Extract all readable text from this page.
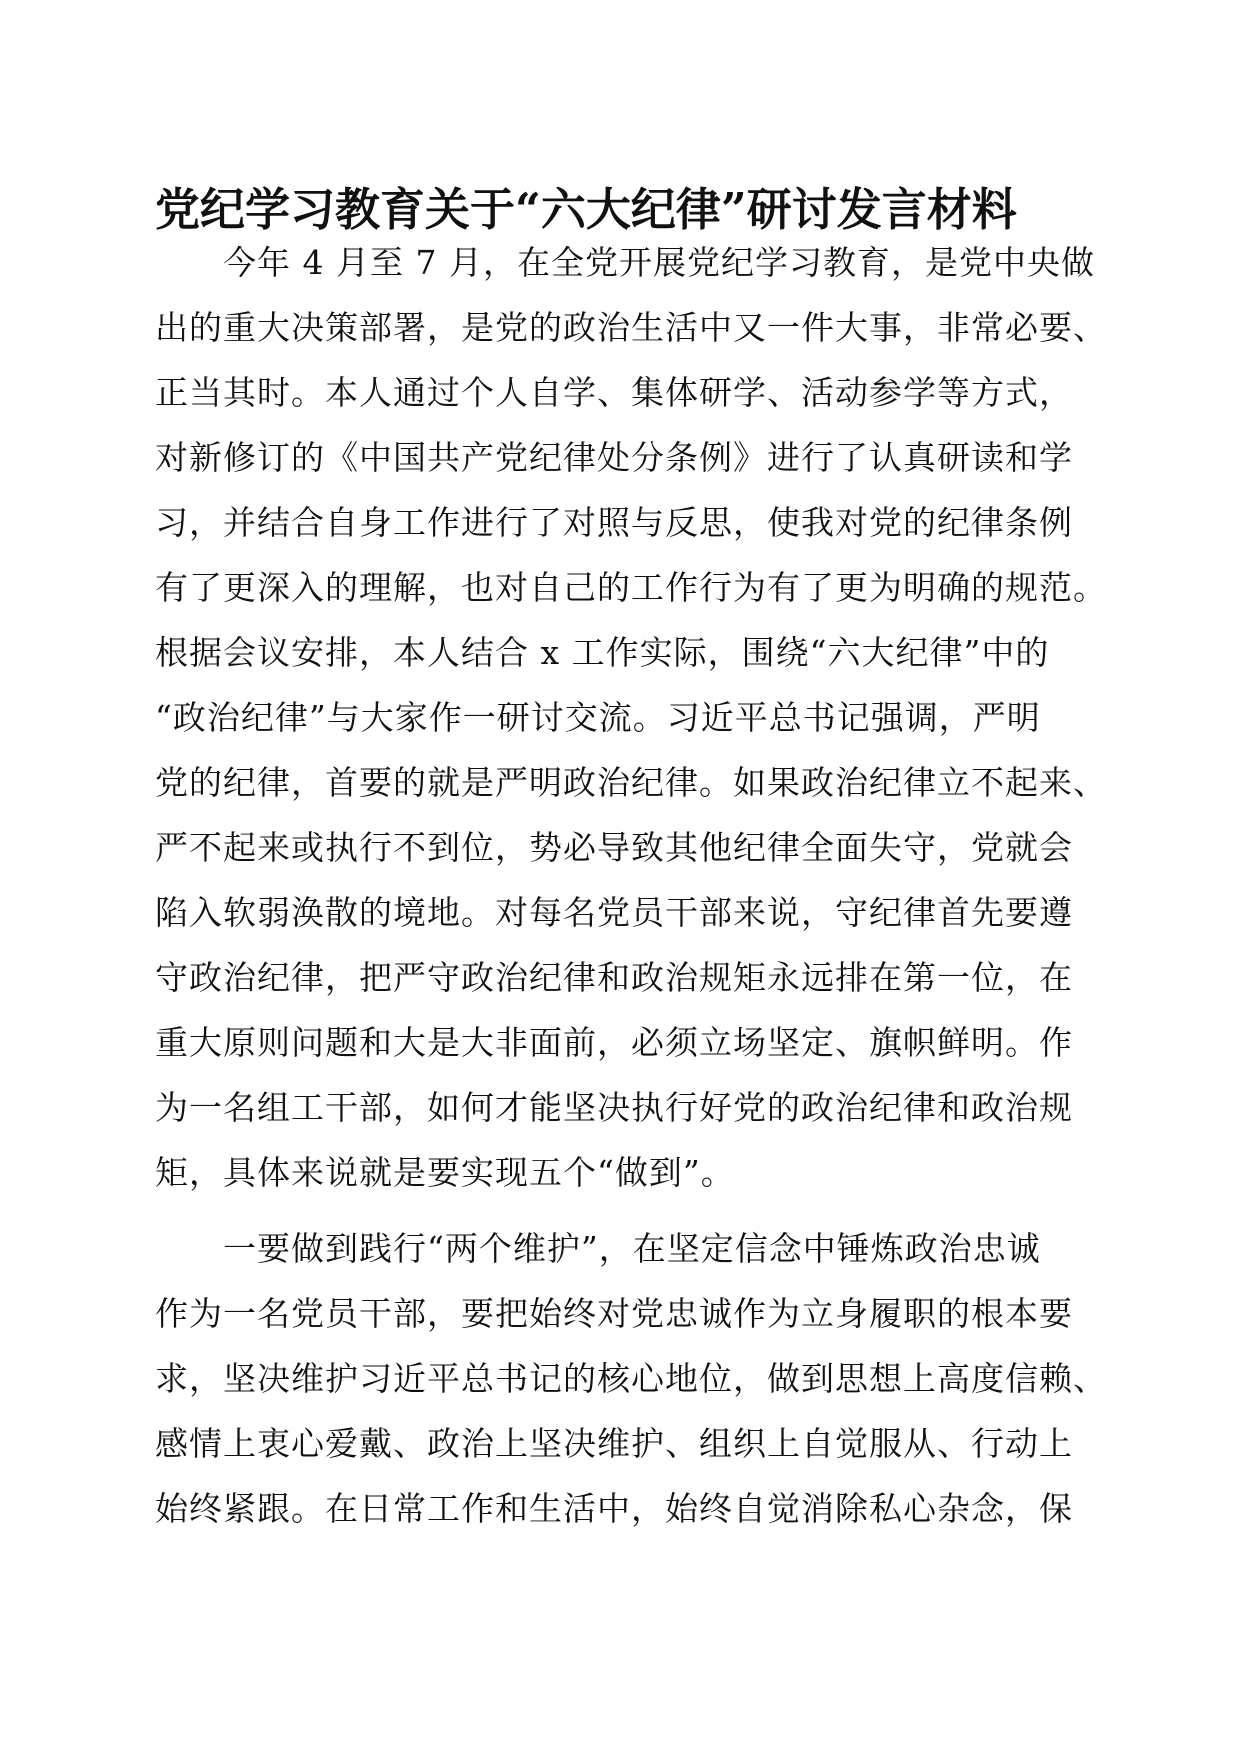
党纪学习教育关于“六大纪律”研讨发言材料

　　今年 4 月至 7 月，在全党开展党纪学习教育，是党中央做

出的重大决策部署，是党的政治生活中又一件大事，非常必要、

正当其时。本人通过个人自学、集体研学、活动参学等方式，

对新修订的《中国共产党纪律处分条例》进行了认真研读和学

习，并结合自身工作进行了对照与反思，使我对党的纪律条例

有了更深入的理解，也对自己的工作行为有了更为明确的规范。

根据会议安排，本人结合 x 工作实际，围绕“六大纪律”中的

“政治纪律”与大家作一研讨交流。习近平总书记强调，严明

党的纪律，首要的就是严明政治纪律。如果政治纪律立不起来、

严不起来或执行不到位，势必导致其他纪律全面失守，党就会

陷入软弱涣散的境地。对每名党员干部来说，守纪律首先要遵

守政治纪律，把严守政治纪律和政治规矩永远排在第一位，在

重大原则问题和大是大非面前，必须立场坚定、旗帜鲜明。作

为一名组工干部，如何才能坚决执行好党的政治纪律和政治规

矩，具体来说就是要实现五个“做到”。

　　一要做到践行“两个维护”，在坚定信念中锤炼政治忠诚

作为一名党员干部，要把始终对党忠诚作为立身履职的根本要

求，坚决维护习近平总书记的核心地位，做到思想上高度信赖、

感情上衷心爱戴、政治上坚决维护、组织上自觉服从、行动上

始终紧跟。在日常工作和生活中，始终自觉消除私心杂念，保
